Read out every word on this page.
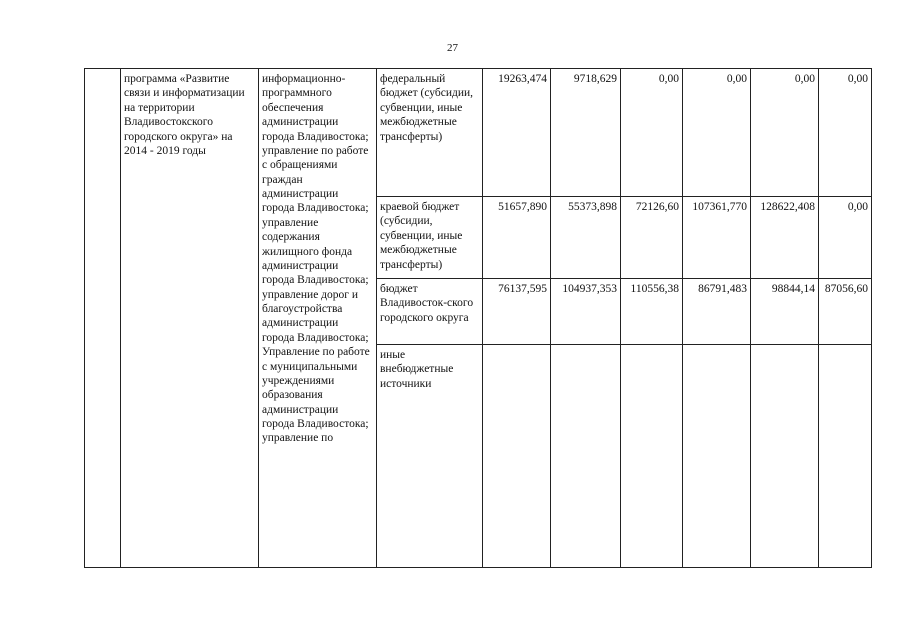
27
	программа «Развитие связи и информатизации на территории Владивостокского городского округа» на 2014 - 2019 годы	информационно-программного обеспечения администрации города Владивостока; управление по работе с обращениями граждан администрации города Владивостока; управление содержания жилищного фонда администрации города Владивостока; управление дорог и благоустройства администрации города Владивостока; Управление по работе с муниципальными учреждениями образования администрации города Владивостока; управление по	федеральный бюджет (субсидии, субвенции, иные межбюджетные трансферты)	19263,474	9718,629	0,00	0,00	0,00	0,00
			краевой бюджет (субсидии, субвенции, иные межбюджетные трансферты)	51657,890	55373,898	72126,60	107361,770	128622,408	0,00
			бюджет Владивосток-ского городского округа	76137,595	104937,353	110556,38	86791,483	98844,14	87056,60
			иные внебюджетные источники						
